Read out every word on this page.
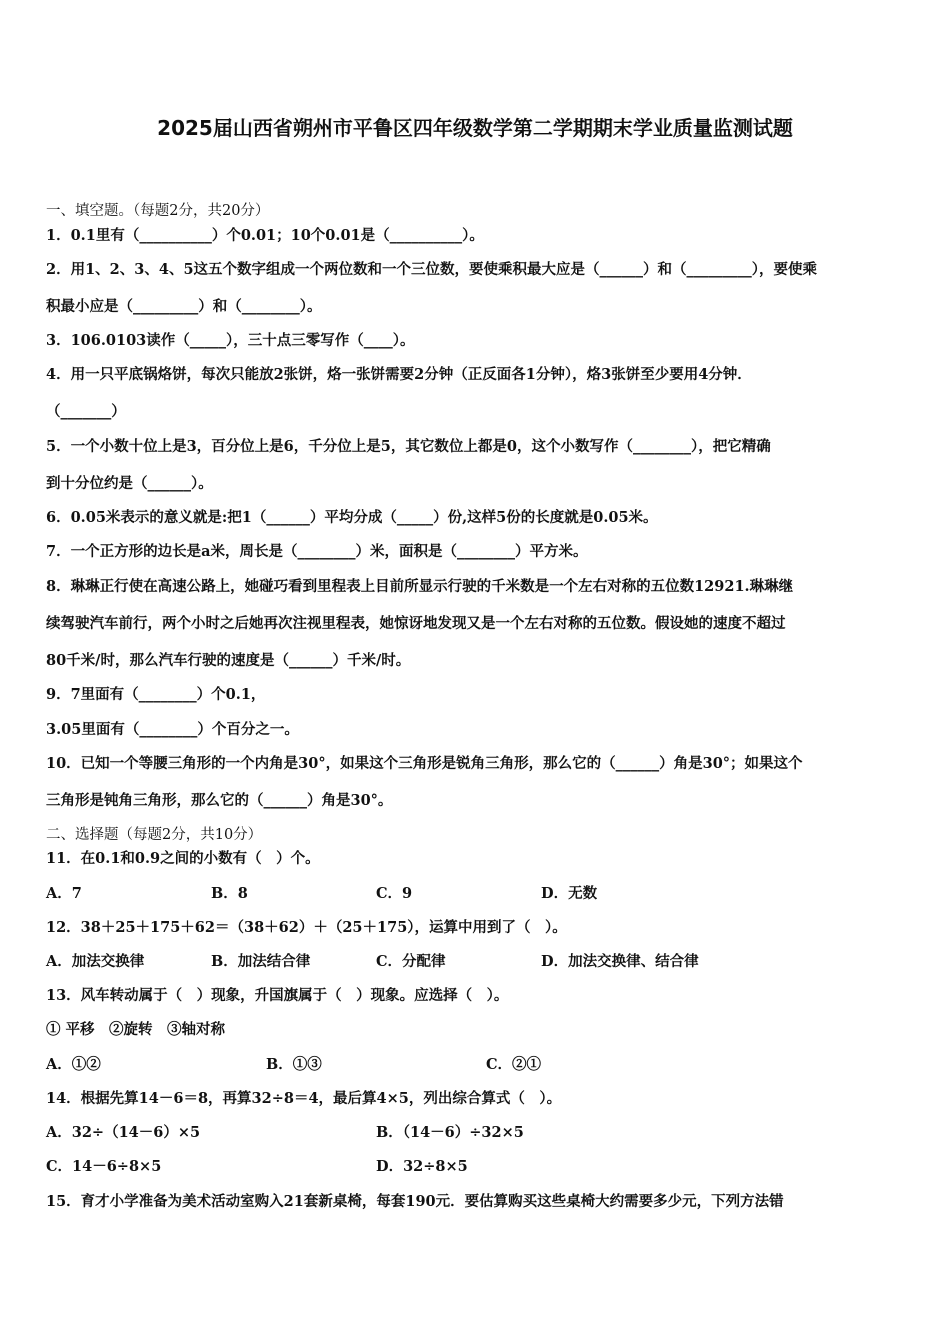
2025届山西省朔州市平鲁区四年级数学第二学期期末学业质量监测试题
一、填空题。（每题2分，共20分）
1．0.1里有（__________）个0.01；10个0.01是（__________）。
2．用1、2、3、4、5这五个数字组成一个两位数和一个三位数，要使乘积最大应是（______）和（_________），要使乘
积最小应是（_________）和（________）。
3．106.0103读作（_____），三十点三零写作（____）。
4．用一只平底锅烙饼，每次只能放2张饼，烙一张饼需要2分钟（正反面各1分钟），烙3张饼至少要用4分钟．
（_______）
5．一个小数十位上是3，百分位上是6，千分位上是5，其它数位上都是0，这个小数写作（________），把它精确
到十分位约是（______）。
6．0.05米表示的意义就是:把1（______）平均分成（_____）份,这样5份的长度就是0.05米。
7．一个正方形的边长是a米，周长是（________）米，面积是（________）平方米。
8．琳琳正行使在高速公路上，她碰巧看到里程表上目前所显示行驶的千米数是一个左右对称的五位数12921.琳琳继
续驾驶汽车前行，两个小时之后她再次注视里程表，她惊讶地发现又是一个左右对称的五位数。假设她的速度不超过
80千米/时，那么汽车行驶的速度是（______）千米/时。
9．7里面有（________）个0.1，
3.05里面有（________）个百分之一。
10．已知一个等腰三角形的一个内角是30°，如果这个三角形是锐角三角形，那么它的（______）角是30°；如果这个
三角形是钝角三角形，那么它的（______）角是30°。
二、选择题（每题2分，共10分）
11．在0.1和0.9之间的小数有（　）个。
A．7	B．8	C．9	D．无数
12．38＋25＋175＋62＝（38＋62）＋（25＋175），运算中用到了（　）。
A．加法交换律	B．加法结合律	C．分配律	D．加法交换律、结合律
13．风车转动属于（　）现象，升国旗属于（　）现象。应选择（　）。
① 平移　②旋转　③轴对称
A．①②	B．①③	C．②①
14．根据先算14－6＝8，再算32÷8＝4，最后算4×5，列出综合算式（　）。
A．32÷（14－6）×5	B．（14－6）÷32×5
C．14－6÷8×5	D．32÷8×5
15．育才小学准备为美术活动室购入21套新桌椅，每套190元．要估算购买这些桌椅大约需要多少元，下列方法错
